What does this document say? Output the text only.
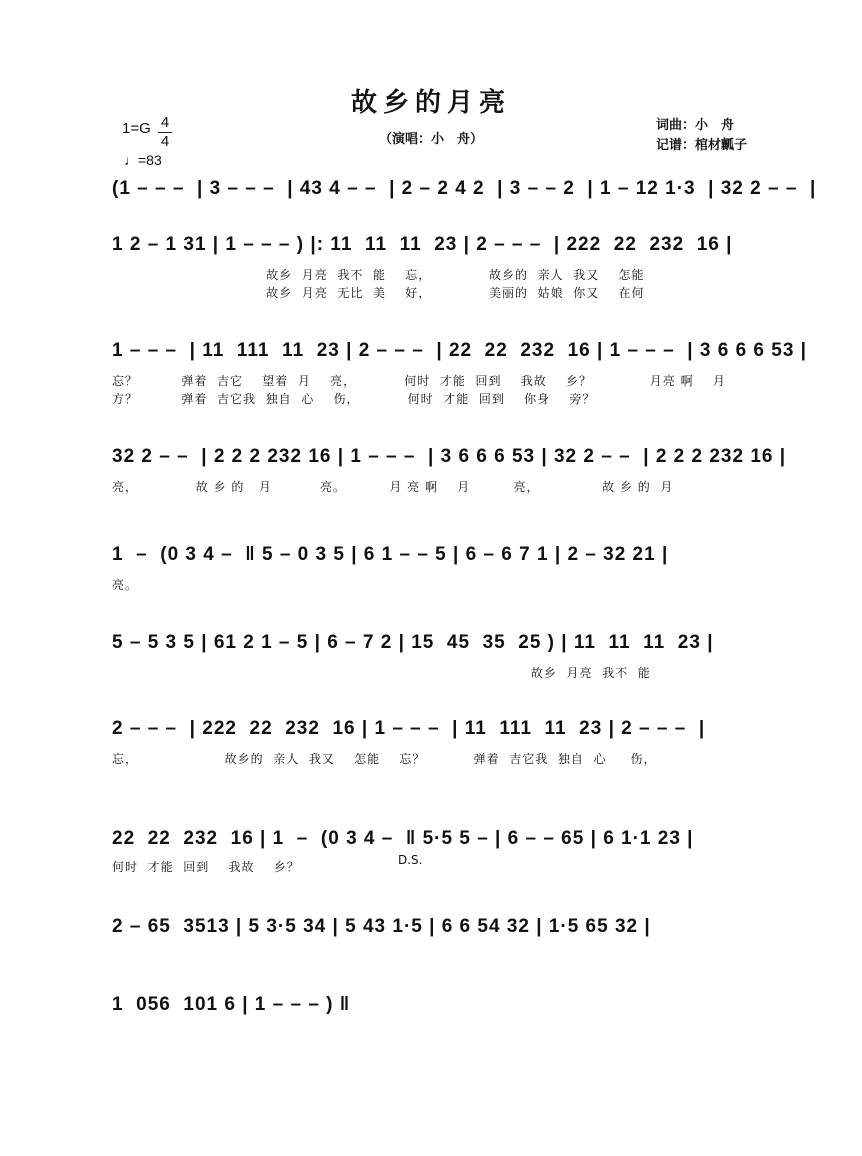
故乡的月亮
1=G 4
4
♩=83
（演唱：小　舟）
词曲：小　舟
记谱：棺材瓤子
(1 – – –  | 3 – – –  | 43 4 – –  | 2 – 2 4 2  | 3 – – 2  | 1 – 12 1·3  | 32 2 – –  |
1 2 – 1 31 | 1 – – – ) |: 11  11  11  23 | 2 – – –  | 222  22  232  16 |
故乡  月亮  我不  能    忘，            故乡的  亲人  我又    怎能
故乡  月亮  无比  美    好，            美丽的  姑娘  你又    在何
1 – – –  | 11  111  11  23 | 2 – – –  | 22  22  232  16 | 1 – – –  | 3 6 6 6 53 |
忘？         弹着  吉它    望着  月    亮，          何时  才能  回到    我故    乡？            月亮 啊    月
方？         弹着  吉它我  独自  心    伤，          何时  才能  回到    你身    旁？
32 2 – –  | 2 2 2 232 16 | 1 – – –  | 3 6 6 6 53 | 32 2 – –  | 2 2 2 232 16 |
亮，            故 乡 的   月          亮。         月 亮 啊    月         亮，             故 乡 的  月
1  –  (0 3 4 –  ‖ 5 – 0 3 5 | 6 1 – – 5 | 6 – 6 7 1 | 2 – 32 21 |
亮。
5 – 5 3 5 | 61 2 1 – 5 | 6 – 7 2 | 15  45  35  25 ) | 11  11  11  23 |
故乡  月亮  我不  能
2 – – –  | 222  22  232  16 | 1 – – –  | 11  111  11  23 | 2 – – –  |
忘，                  故乡的  亲人  我又    怎能    忘？          弹着  吉它我  独自  心     伤，
22  22  232  16 | 1  –  (0 3 4 –  ‖ 5·5 5 – | 6 – – 65 | 6 1·1 23 |
何时  才能  回到    我故    乡？	D.S.
2 – 65  3513 | 5 3·5 34 | 5 43 1·5 | 6 6 54 32 | 1·5 65 32 |
1  056  101 6 | 1 – – – ) ‖
